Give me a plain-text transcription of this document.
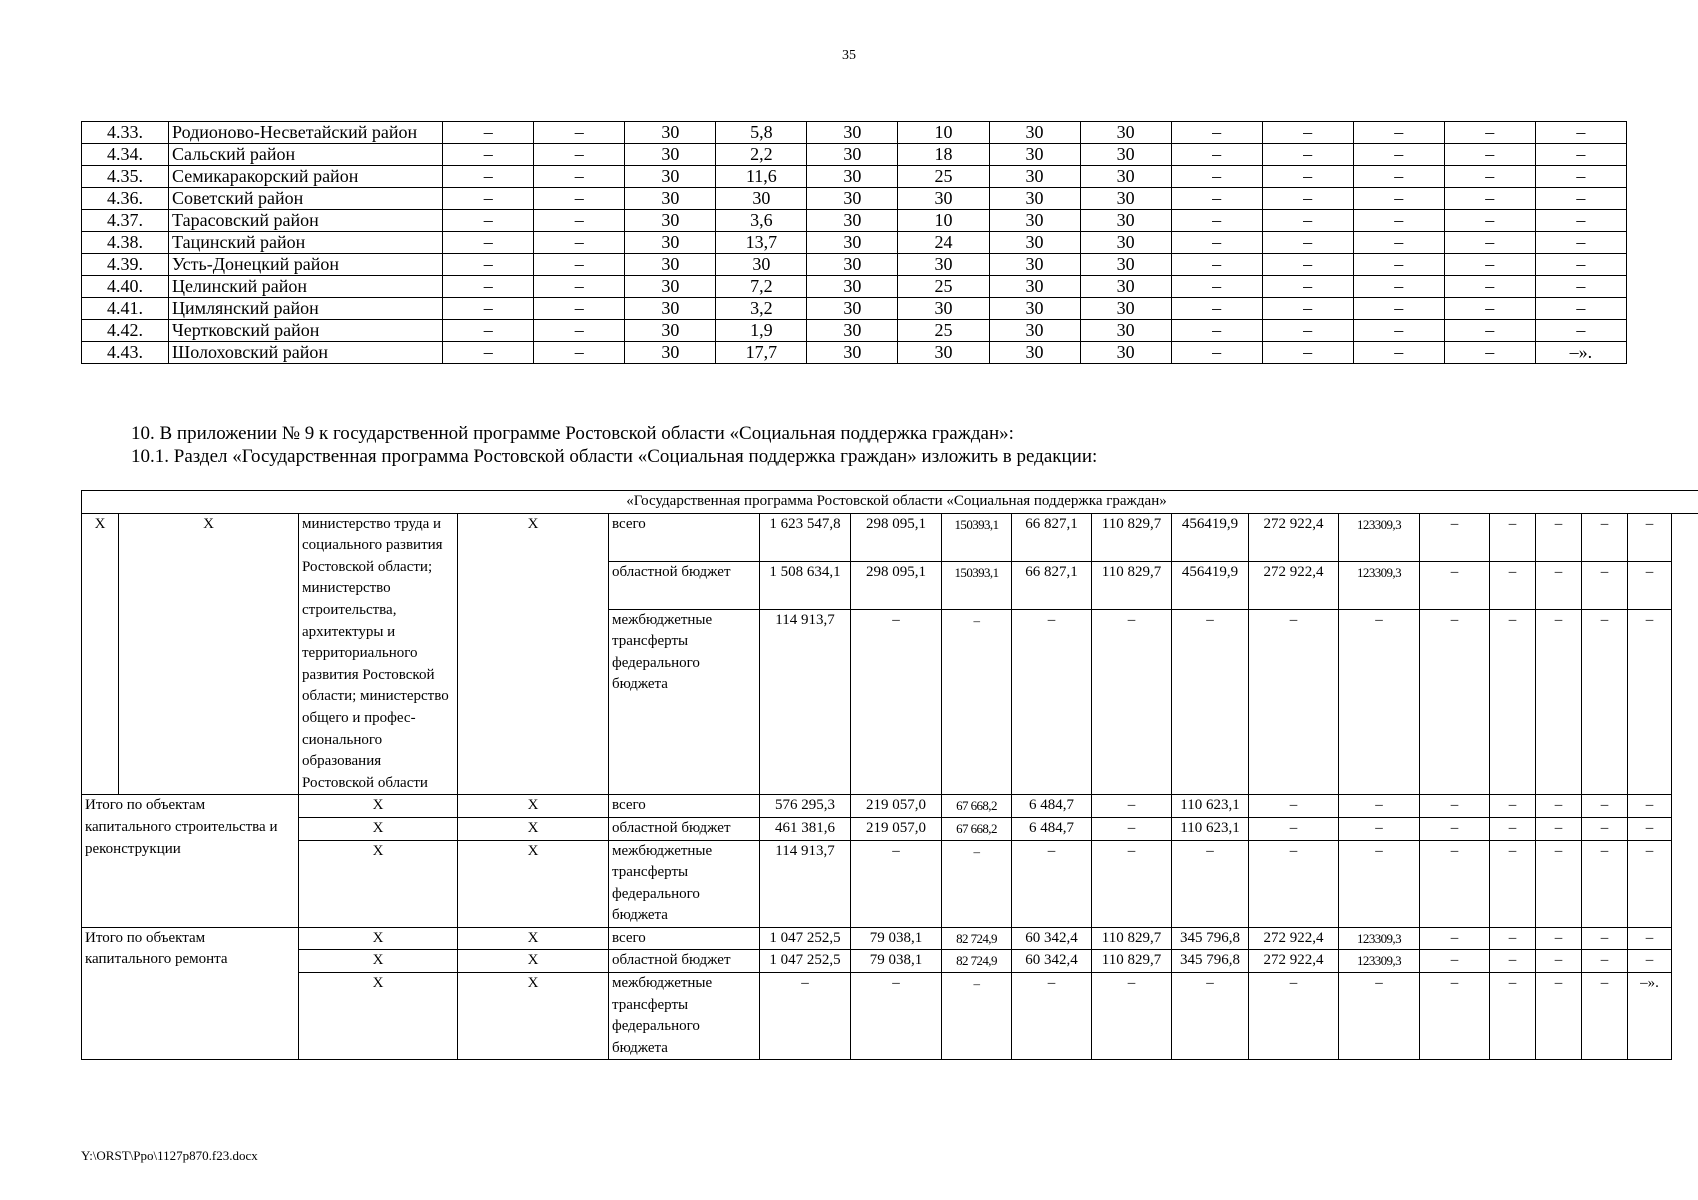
35
4.33.	Родионово-Несветайский район	–	–	30	5,8	30	10	30	30	–	–	–	–	–
4.34.	Сальский район	–	–	30	2,2	30	18	30	30	–	–	–	–	–
4.35.	Семикаракорский район	–	–	30	11,6	30	25	30	30	–	–	–	–	–
4.36.	Советский район	–	–	30	30	30	30	30	30	–	–	–	–	–
4.37.	Тарасовский район	–	–	30	3,6	30	10	30	30	–	–	–	–	–
4.38.	Тацинский район	–	–	30	13,7	30	24	30	30	–	–	–	–	–
4.39.	Усть-Донецкий район	–	–	30	30	30	30	30	30	–	–	–	–	–
4.40.	Целинский район	–	–	30	7,2	30	25	30	30	–	–	–	–	–
4.41.	Цимлянский район	–	–	30	3,2	30	30	30	30	–	–	–	–	–
4.42.	Чертковский район	–	–	30	1,9	30	25	30	30	–	–	–	–	–
4.43.	Шолоховский район	–	–	30	17,7	30	30	30	30	–	–	–	–	–».
10. В приложении № 9 к государственной программе Ростовской области «Социальная поддержка граждан»:
10.1. Раздел «Государственная программа Ростовской области «Социальная поддержка граждан» изложить в редакции:
«Государственная программа Ростовской области «Социальная поддержка граждан»																	
X	X	министерство труда и социального развития Ростовской области; министерство строительства, архитектуры и территориального развития Ростовской области; министерство общего и профес-сионального образования Ростовской области	X	всего	1 623 547,8	298 095,1	150393,1	66 827,1	110 829,7	456419,9	272 922,4	123309,3	–	–	–	–	–
				областной бюджет	1 508 634,1	298 095,1	150393,1	66 827,1	110 829,7	456419,9	272 922,4	123309,3	–	–	–	–	–
				межбюджетные трансферты федерального бюджета	114 913,7	–	–	–	–	–	–	–	–	–	–	–	–
Итого по объектам капитального строительства и реконструкции		X	X	всего	576 295,3	219 057,0	67 668,2	6 484,7	–	110 623,1	–	–	–	–	–	–	–
		X	X	областной бюджет	461 381,6	219 057,0	67 668,2	6 484,7	–	110 623,1	–	–	–	–	–	–	–
		X	X	межбюджетные трансферты федерального бюджета	114 913,7	–	–	–	–	–	–	–	–	–	–	–	–
Итого по объектам капитального ремонта		X	X	всего	1 047 252,5	79 038,1	82 724,9	60 342,4	110 829,7	345 796,8	272 922,4	123309,3	–	–	–	–	–
		X	X	областной бюджет	1 047 252,5	79 038,1	82 724,9	60 342,4	110 829,7	345 796,8	272 922,4	123309,3	–	–	–	–	–
		X	X	межбюджетные трансферты федерального бюджета	–	–	–	–	–	–	–	–	–	–	–	–	–».
Y:\ORST\Ppo\1127p870.f23.docx
